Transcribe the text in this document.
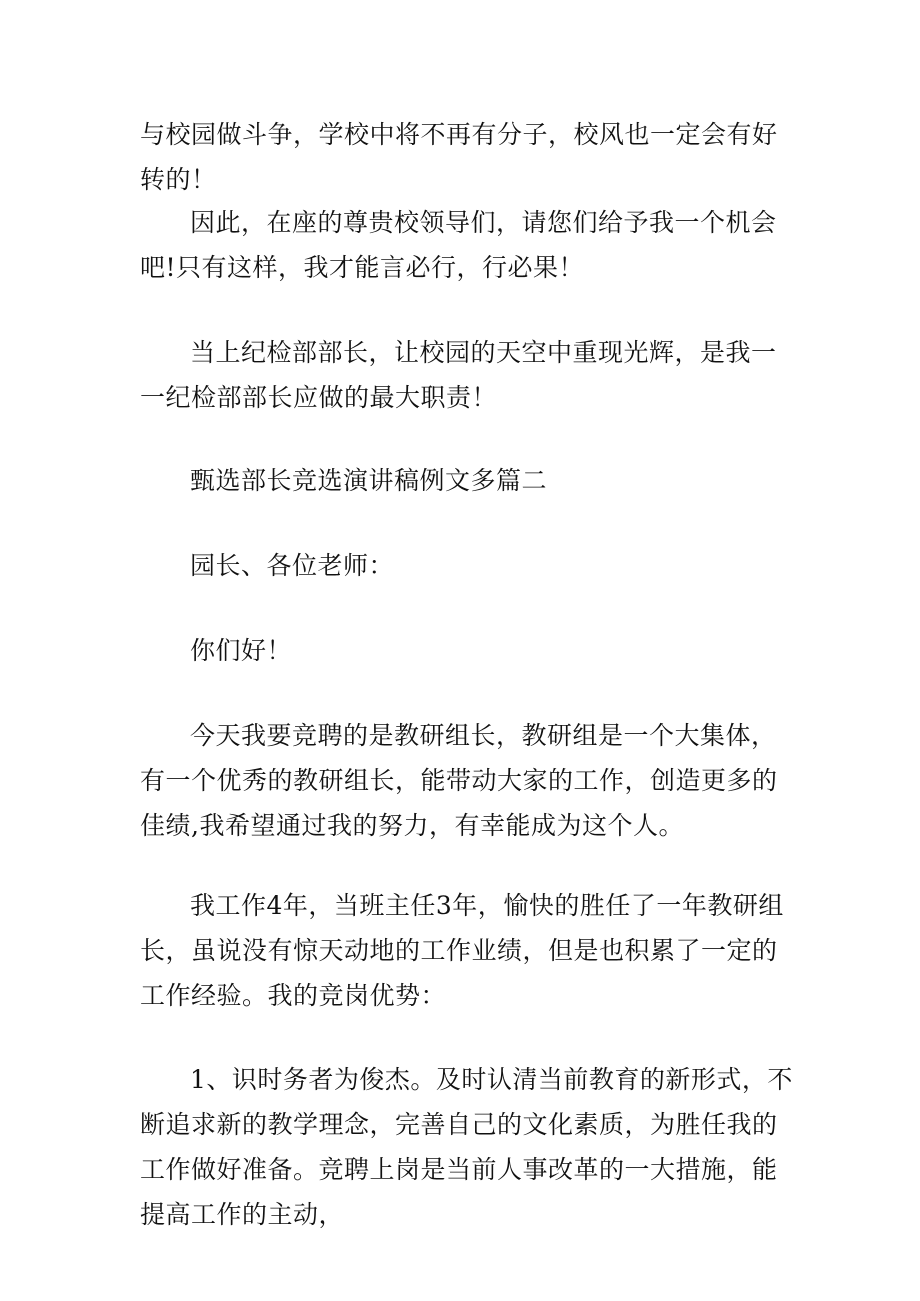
与校园做斗争，学校中将不再有分子，校风也一定会有好转的！

因此，在座的尊贵校领导们，请您们给予我一个机会吧!只有这样，我才能言必行，行必果！

当上纪检部部长，让校园的天空中重现光辉，是我一一纪检部部长应做的最大职责！

甄选部长竞选演讲稿例文多篇二

园长、各位老师：

你们好！

今天我要竞聘的是教研组长，教研组是一个大集体，有一个优秀的教研组长，能带动大家的工作，创造更多的佳绩,我希望通过我的努力，有幸能成为这个人。

我工作4年，当班主任3年，愉快的胜任了一年教研组长，虽说没有惊天动地的工作业绩，但是也积累了一定的工作经验。我的竞岗优势：

1、识时务者为俊杰。及时认清当前教育的新形式，不断追求新的教学理念，完善自己的文化素质，为胜任我的工作做好准备。竞聘上岗是当前人事改革的一大措施，能提高工作的主动，
